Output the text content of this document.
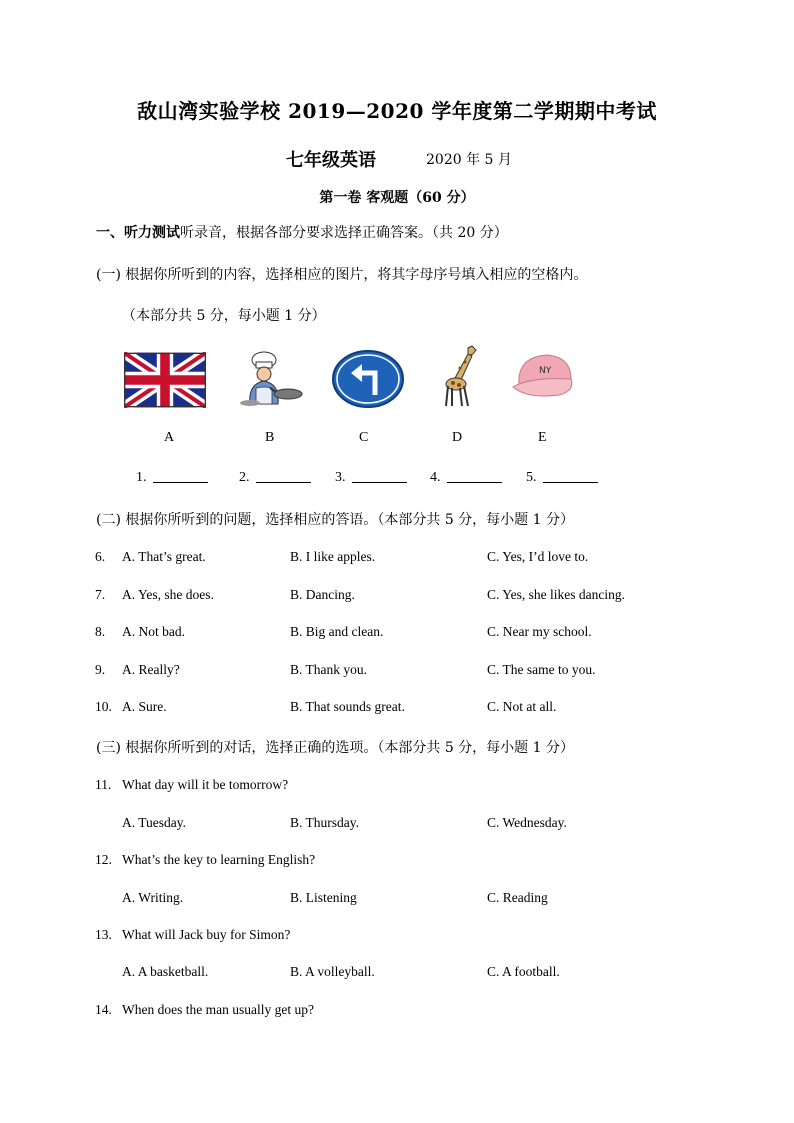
敌山湾实验学校 2019—2020 学年度第二学期期中考试
七年级英语	2020 年 5 月
第一卷 客观题（60 分）
一、听力测试听录音，根据各部分要求选择正确答案。（共 20 分）
(一) 根据你所听到的内容，选择相应的图片，将其字母序号填入相应的空格内。
（本部分共 5 分，每小题 1 分）
NY
A	B	C	D	E
1.	2.	3.	4.	5.
(二) 根据你所听到的问题，选择相应的答语。（本部分共 5 分，每小题 1 分）
6. A. That’s great.	B. I like apples.	C. Yes, I’d love to.
7. A. Yes, she does.	B. Dancing.	C. Yes, she likes dancing.
8. A. Not bad.	B. Big and clean.	C. Near my school.
9. A. Really?	B. Thank you.	C. The same to you.
10. A. Sure.	B. That sounds great.	C. Not at all.
(三) 根据你所听到的对话，选择正确的选项。（本部分共 5 分，每小题 1 分）
11. What day will it be tomorrow?
A. Tuesday.	B. Thursday.	C. Wednesday.
12. What’s the key to learning English?
A. Writing.	B. Listening	C. Reading
13. What will Jack buy for Simon?
A. A basketball.	B. A volleyball.	C. A football.
14. When does the man usually get up?
